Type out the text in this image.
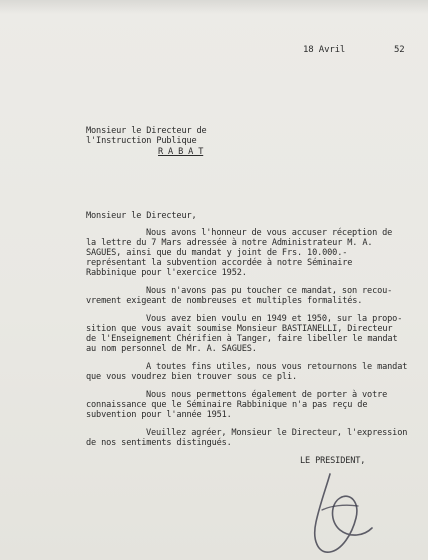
18 Avril	52
Monsieur le Directeur de
l'Instruction Publique
R A B A T
Monsieur le Directeur,
Nous avons l'honneur de vous accuser réception de
la lettre du 7 Mars adressée à notre Administrateur M. A.
SAGUES, ainsi que du mandat y joint de Frs. 10.000.-
représentant la subvention accordée à notre Séminaire
Rabbinique pour l'exercice 1952.
Nous n'avons pas pu toucher ce mandat, son recou-
vrement exigeant de nombreuses et multiples formalités.
Vous avez bien voulu en 1949 et 1950, sur la propo-
sition que vous avait soumise Monsieur BASTIANELLI, Directeur
de l'Enseignement Chérifien à Tanger, faire libeller le mandat
au nom personnel de Mr. A. SAGUES.
A toutes fins utiles, nous vous retournons le mandat
que vous voudrez bien trouver sous ce pli.
Nous nous permettons également de porter à votre
connaissance que le Séminaire Rabbinique n'a pas reçu de
subvention pour l'année 1951.
Veuillez agréer, Monsieur le Directeur, l'expression
de nos sentiments distingués.
LE PRESIDENT,
